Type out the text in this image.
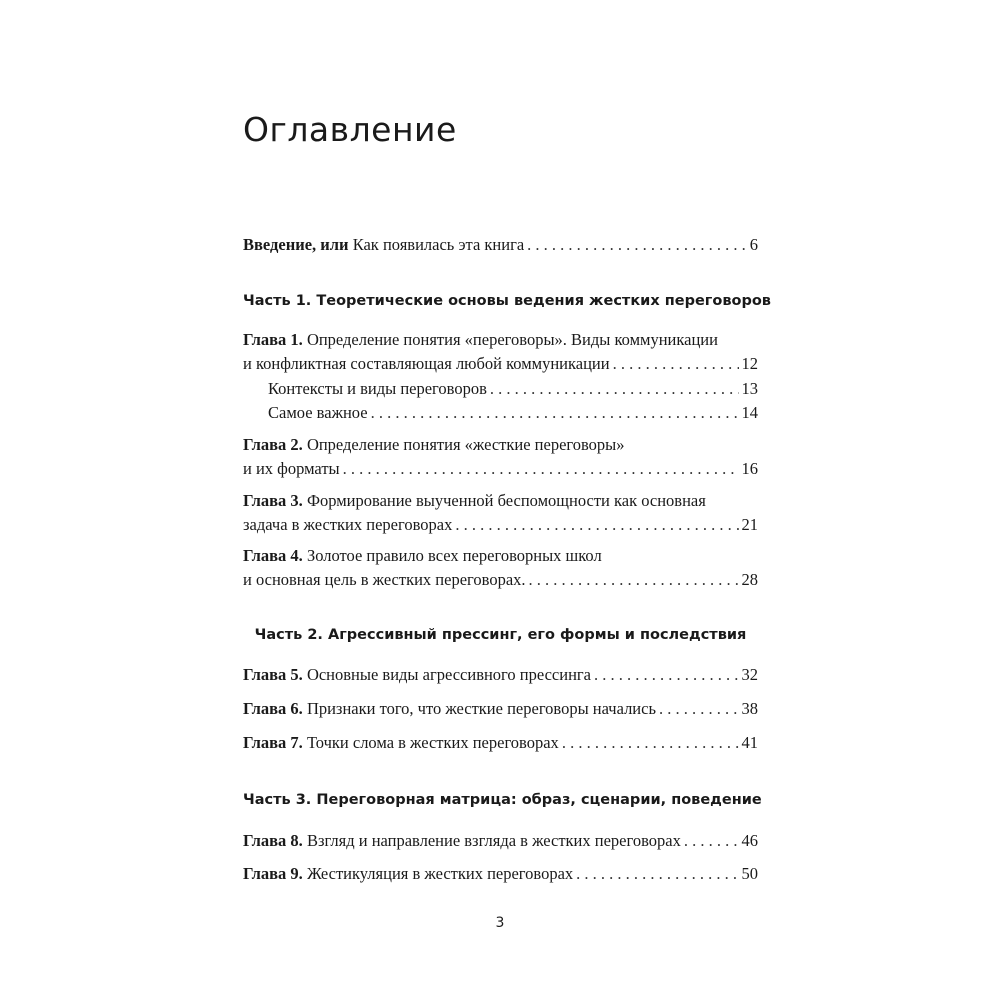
Оглавление
Введение, или Как появилась эта книга . . .	6
Часть 1. Теоретические основы ведения жестких переговоров
Глава 1. Определение понятия «переговоры». Виды коммуникации
и конфликтная составляющая любой коммуникации . . .	12
Контексты и виды переговоров . . .	13
Самое важное . . .	14
Глава 2. Определение понятия «жесткие переговоры»
и их форматы . . .	16
Глава 3. Формирование выученной беспомощности как основная
задача в жестких переговорах . . .	21
Глава 4. Золотое правило всех переговорных школ
и основная цель в жестких переговорах. . . .	28
Часть 2. Агрессивный прессинг, его формы и последствия
Глава 5. Основные виды агрессивного прессинга . . .	32
Глава 6. Признаки того, что жесткие переговоры начались . . .	38
Глава 7. Точки слома в жестких переговорах . . .	41
Часть 3. Переговорная матрица: образ, сценарии, поведение
Глава 8. Взгляд и направление взгляда в жестких переговорах . . .	46
Глава 9. Жестикуляция в жестких переговорах . . .	50
3
